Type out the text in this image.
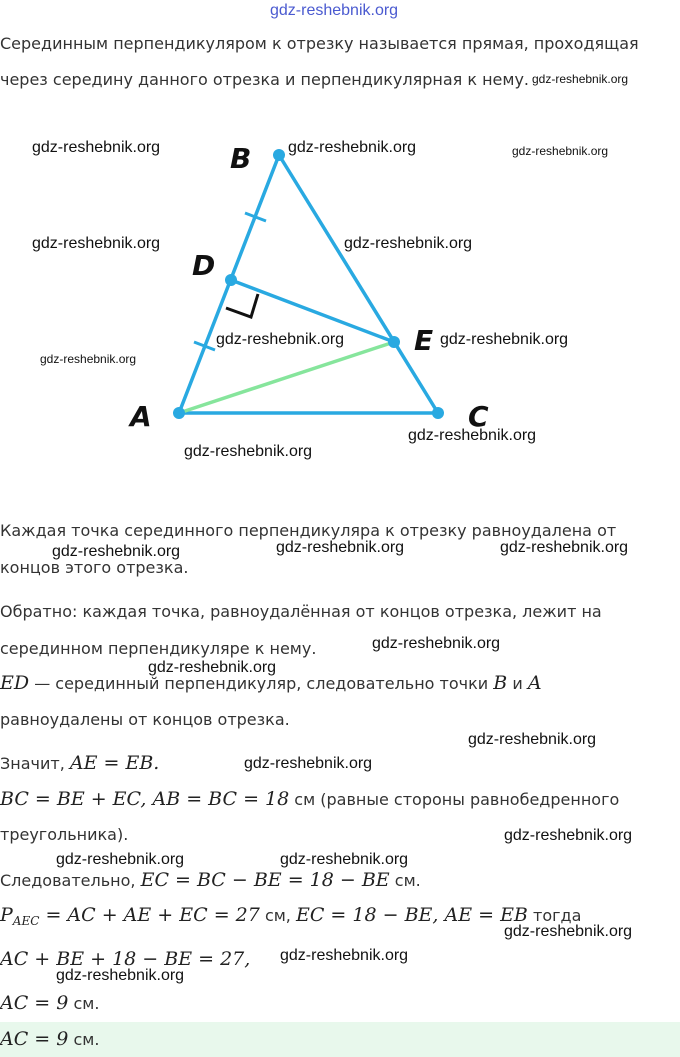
gdz-reshebnik.org
Серединным перпендикуляром к отрезку называется прямая, проходящая
через середину данного отрезка и перпендикулярная к нему.
B
D
E
A	C
gdz-reshebnik.org	gdz-reshebnik.org	gdz-reshebnik.org
gdz-reshebnik.org
gdz-reshebnik.org	gdz-reshebnik.org
gdz-reshebnik.org	gdz-reshebnik.org
gdz-reshebnik.org
gdz-reshebnik.org
gdz-reshebnik.org
Каждая точка серединного перпендикуляра к отрезку равноудалена от
концов этого отрезка.
gdz-reshebnik.org	gdz-reshebnik.org	gdz-reshebnik.org
Обратно: каждая точка, равноудалённая от концов отрезка, лежит на
серединном перпендикуляре к нему.	gdz-reshebnik.org
gdz-reshebnik.org
ED — серединный перпендикуляр, следовательно точки B и A
равноудалены от концов отрезка.
gdz-reshebnik.org
Значит, AE = EB.	gdz-reshebnik.org
BC = BE + EC, AB = BC = 18 см (равные стороны равнобедренного
треугольника).	gdz-reshebnik.org
gdz-reshebnik.org	gdz-reshebnik.org
Следовательно, EC = BC − BE = 18 − BE см.
$P_{AEC}$ = AC + AE + EC = 27 см, EC = 18 − BE, AE = EB тогда
gdz-reshebnik.org
AC + BE + 18 − BE = 27, gdz-reshebnik.org
gdz-reshebnik.org
AC = 9 см.
AC = 9 см.
